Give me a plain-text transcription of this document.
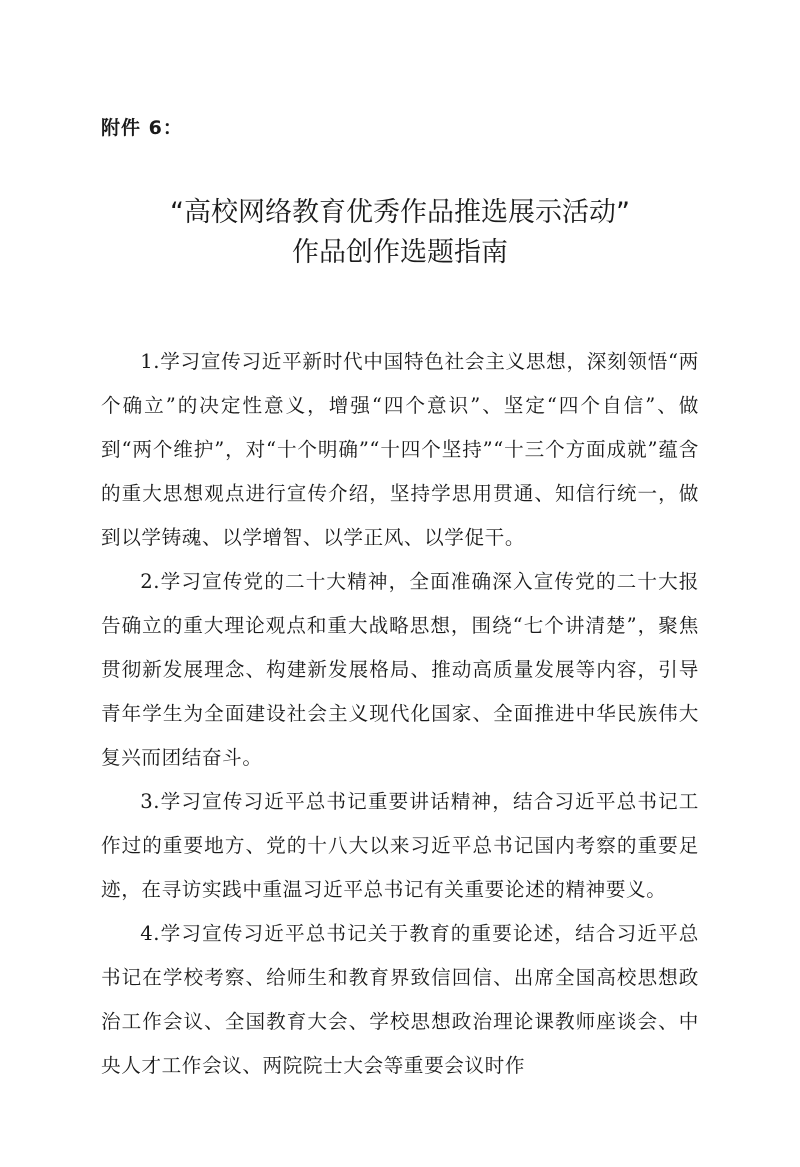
附件 6：
“高校网络教育优秀作品推选展示活动”
作品创作选题指南

1.学习宣传习近平新时代中国特色社会主义思想，深刻领悟“两个确立”的决定性意义，增强“四个意识”、坚定“四个自信”、做到“两个维护”，对“十个明确”“十四个坚持”“十三个方面成就”蕴含的重大思想观点进行宣传介绍，坚持学思用贯通、知信行统一，做到以学铸魂、以学增智、以学正风、以学促干。

2.学习宣传党的二十大精神，全面准确深入宣传党的二十大报告确立的重大理论观点和重大战略思想，围绕“七个讲清楚”，聚焦贯彻新发展理念、构建新发展格局、推动高质量发展等内容，引导青年学生为全面建设社会主义现代化国家、全面推进中华民族伟大复兴而团结奋斗。

3.学习宣传习近平总书记重要讲话精神，结合习近平总书记工作过的重要地方、党的十八大以来习近平总书记国内考察的重要足迹，在寻访实践中重温习近平总书记有关重要论述的精神要义。

4.学习宣传习近平总书记关于教育的重要论述，结合习近平总书记在学校考察、给师生和教育界致信回信、出席全国高校思想政治工作会议、全国教育大会、学校思想政治理论课教师座谈会、中央人才工作会议、两院院士大会等重要会议时作
